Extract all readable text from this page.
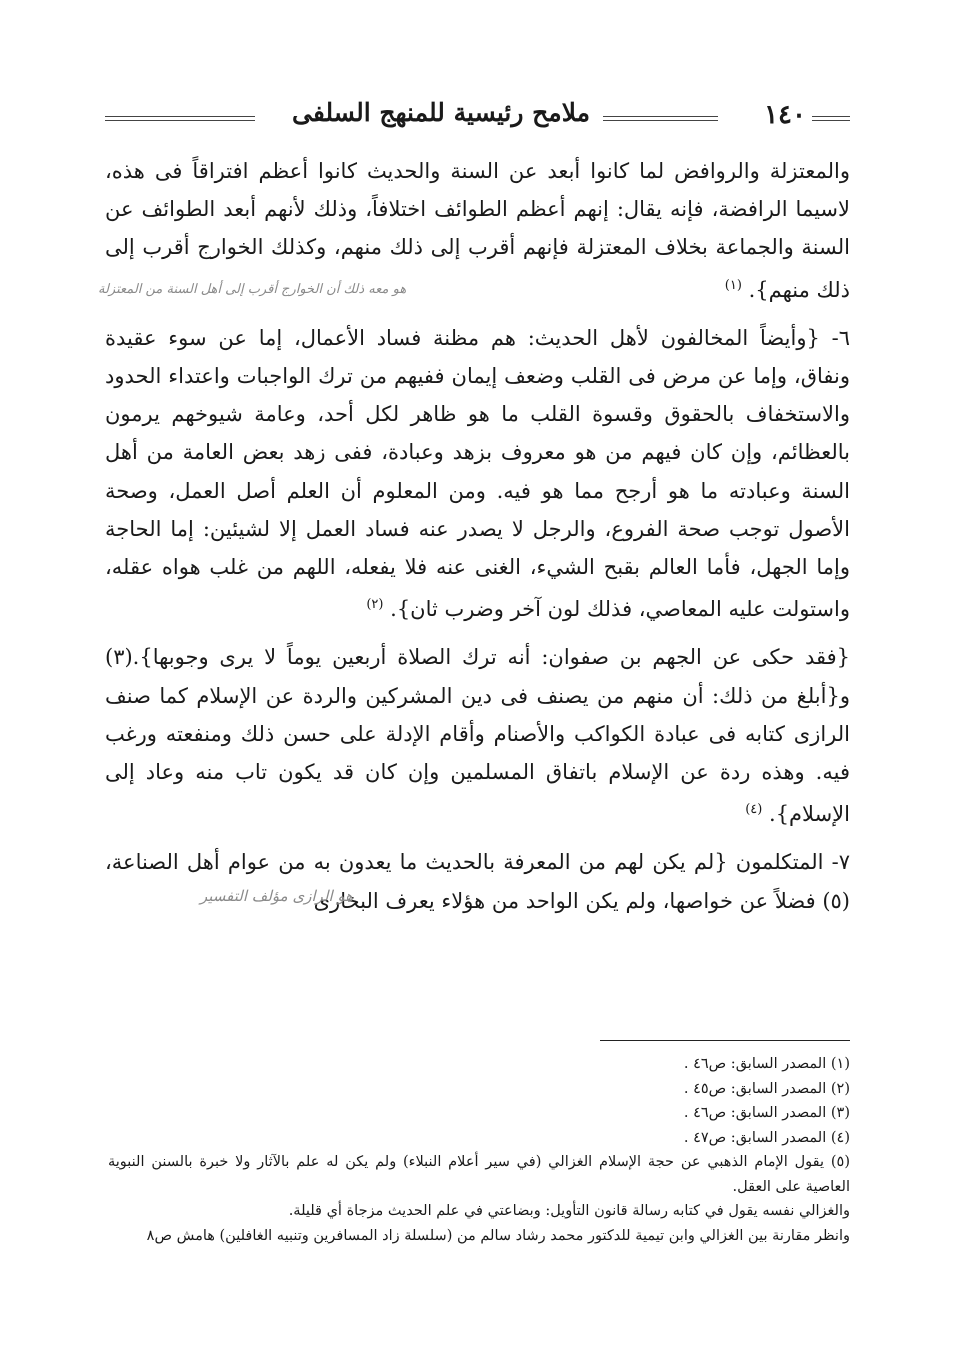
١٤٠
ملامح رئيسية للمنهج السلفى

والمعتزلة والروافض لما كانوا أبعد عن السنة والحديث كانوا أعظم افتراقاً فى هذه، لاسيما الرافضة، فإنه يقال: إنهم أعظم الطوائف اختلافاً، وذلك لأنهم أبعد الطوائف عن السنة والجماعة بخلاف المعتزلة فإنهم أقرب إلى ذلك منهم، وكذلك الخوارج أقرب إلى ذلك منهم}. $^{(١)}$

٦- {وأيضاً المخالفون لأهل الحديث: هم مظنة فساد الأعمال، إما عن سوء عقيدة ونفاق، وإما عن مرض فى القلب وضعف إيمان ففيهم من ترك الواجبات واعتداء الحدود والاستخفاف بالحقوق وقسوة القلب ما هو ظاهر لكل أحد، وعامة شيوخهم يرمون بالعظائم، وإن كان فيهم من هو معروف بزهد وعبادة، ففى زهد بعض العامة من أهل السنة وعبادته ما هو أرجح مما هو فيه. ومن المعلوم أن العلم أصل العمل، وصحة الأصول توجب صحة الفروع، والرجل لا يصدر عنه فساد العمل إلا لشيئين: إما الحاجة وإما الجهل، فأما العالم بقبح الشيء، الغنى عنه فلا يفعله، اللهم من غلب هواه عقله، واستولت عليه المعاصي، فذلك لون آخر وضرب ثان}. $^{(٢)}$

{فقد حكى عن الجهم بن صفوان: أنه ترك الصلاة أربعين يوماً لا يرى وجوبها}.(٣) و{أبلغ من ذلك: أن منهم من يصنف فى دين المشركين والردة عن الإسلام كما صنف الرازى كتابه فى عبادة الكواكب والأصنام وأقام الإدلة على حسن ذلك ومنفعته ورغب فيه. وهذه ردة عن الإسلام باتفاق المسلمين وإن كان قد يكون تاب منه وعاد إلى الإسلام}. $^{(٤)}$

٧- المتكلمون {لم يكن لهم من المعرفة بالحديث ما يعدون به من عوام أهل الصناعة،(٥) فضلاً عن خواصها، ولم يكن الواحد من هؤلاء يعرف البخارى

هو معه ذلك أن الخوارج أقرب إلى أهل السنة من المعتزلة
هو الرازى مؤلف التفسير

(١) المصدر السابق: ص٤٦ .

(٢) المصدر السابق: ص٤٥ .

(٣) المصدر السابق: ص٤٦ .

(٤) المصدر السابق: ص٤٧ .

(٥) يقول الإمام الذهبي عن حجة الإسلام الغزالي (في سير أعلام النبلاء) ولم يكن له علم بالآثار ولا خبرة بالسنن النبوية العاصية على العقل.

والغزالي نفسه يقول في كتابه رسالة قانون التأويل: وبضاعتي في علم الحديث مزجاة أي قليلة.

وانظر مقارنة بين الغزالي وابن تيمية للدكتور محمد رشاد سالم من (سلسلة زاد المسافرين وتنبيه الغافلين) هامش ص٨
